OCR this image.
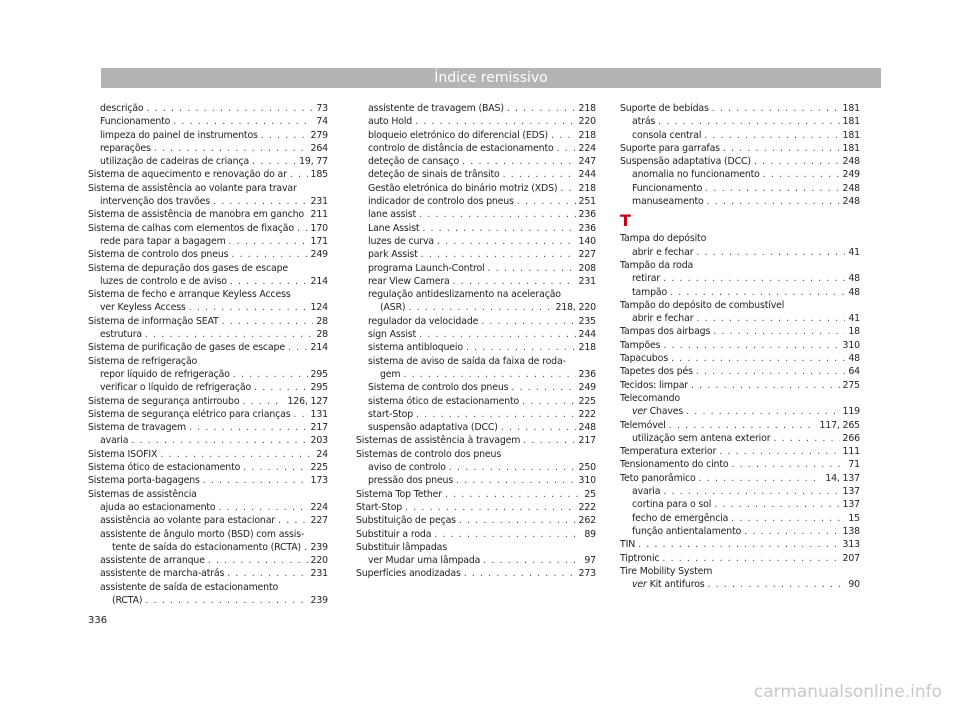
Índice remissivo
descrição . . .	73
Funcionamento . . .	74
limpeza do painel de instrumentos . . .	279
reparações . . .	264
utilização de cadeiras de criança . . .	19, 77
Sistema de aquecimento e renovação do ar . . .	185
Sistema de assistência ao volante para travar
intervenção dos travões . . .	231
Sistema de assistência de manobra em gancho . . . 211
Sistema de calhas com elementos de fixação . . . 170
rede para tapar a bagagem . . .	171
Sistema de controlo dos pneus . . .	249
Sistema de depuração dos gases de escape
luzes de controlo e de aviso . . .	214
Sistema de fecho e arranque Keyless Access
ver Keyless Access . . .	124
Sistema de informação SEAT . . .	28
estrutura . . .	28
Sistema de purificação de gases de escape . . .	214
Sistema de refrigeração
repor líquido de refrigeração . . .	295
verificar o líquido de refrigeração . . .	295
Sistema de segurança antirroubo . . .	126, 127
Sistema de segurança elétrico para crianças . . . 131
Sistema de travagem . . .	217
avaria . . .	203
Sistema ISOFIX . . .	24
Sistema ótico de estacionamento . . .	225
Sistema porta-bagagens . . .	173
Sistemas de assistência
ajuda ao estacionamento . . .	224
assistência ao volante para estacionar . . .	227
assistente de ângulo morto (BSD) com assis-
tente de saída do estacionamento (RCTA) . . . 239
assistente de arranque . . .	220
assistente de marcha-atrás . . .	231
assistente de saída de estacionamento
(RCTA) . . .	239
assistente de travagem (BAS) . . .	218
auto Hold . . .	220
bloqueio eletrónico do diferencial (EDS) . . .	218
controlo de distância de estacionamento . . .	224
deteção de cansaço . . .	247
deteção de sinais de trânsito . . .	244
Gestão eletrónica do binário motriz (XDS) . . . 218
indicador de controlo dos pneus . . .	251
lane assist . . .	236
Lane Assist . . .	236
luzes de curva . . .	140
park Assist . . .	227
programa Launch-Control . . .	208
rear View Camera . . .	231
regulação antideslizamento na aceleração
(ASR) . . .	218, 220
regulador da velocidade . . .	235
sign Assist . . .	244
sistema antibloqueio . . .	218
sistema de aviso de saída da faixa de roda-
gem . . .	236
Sistema de controlo dos pneus . . .	249
sistema ótico de estacionamento . . .	225
start-Stop . . .	222
suspensão adaptativa (DCC) . . .	248
Sistemas de assistência à travagem . . .	217
Sistemas de controlo dos pneus
aviso de controlo . . .	250
pressão dos pneus . . .	310
Sistema Top Tether . . .	25
Start-Stop . . .	222
Substituição de peças . . .	262
Substituir a roda . . .	89
Substituir lâmpadas
ver Mudar uma lâmpada . . .	97
Superfícies anodizadas . . .	273
Suporte de bebidas . . .	181
atrás . . .	181
consola central . . .	181
Suporte para garrafas . . .	181
Suspensão adaptativa (DCC) . . .	248
anomalia no funcionamento . . .	249
Funcionamento . . .	248
manuseamento . . .	248
T
Tampa do depósito
abrir e fechar . . .	41
Tampão da roda
retirar . . .	48
tampão . . .	48
Tampão do depósito de combustível
abrir e fechar . . .	41
Tampas dos airbags . . .	18
Tampões . . .	310
Tapacubos . . .	48
Tapetes dos pés . . .	64
Tecidos: limpar . . .	275
Telecomando
ver Chaves . . .	119
Telemóvel . . .	117, 265
utilização sem antena exterior . . .	266
Temperatura exterior . . .	111
Tensionamento do cinto . . .	71
Teto panorâmico . . .	14, 137
avaria . . .	137
cortina para o sol . . .	137
fecho de emergência . . .	15
função antientalamento . . .	138
TIN . . .	313
Tiptronic . . .	207
Tire Mobility System
ver Kit antifuros . . .	90
336
carmanualsonline.info
